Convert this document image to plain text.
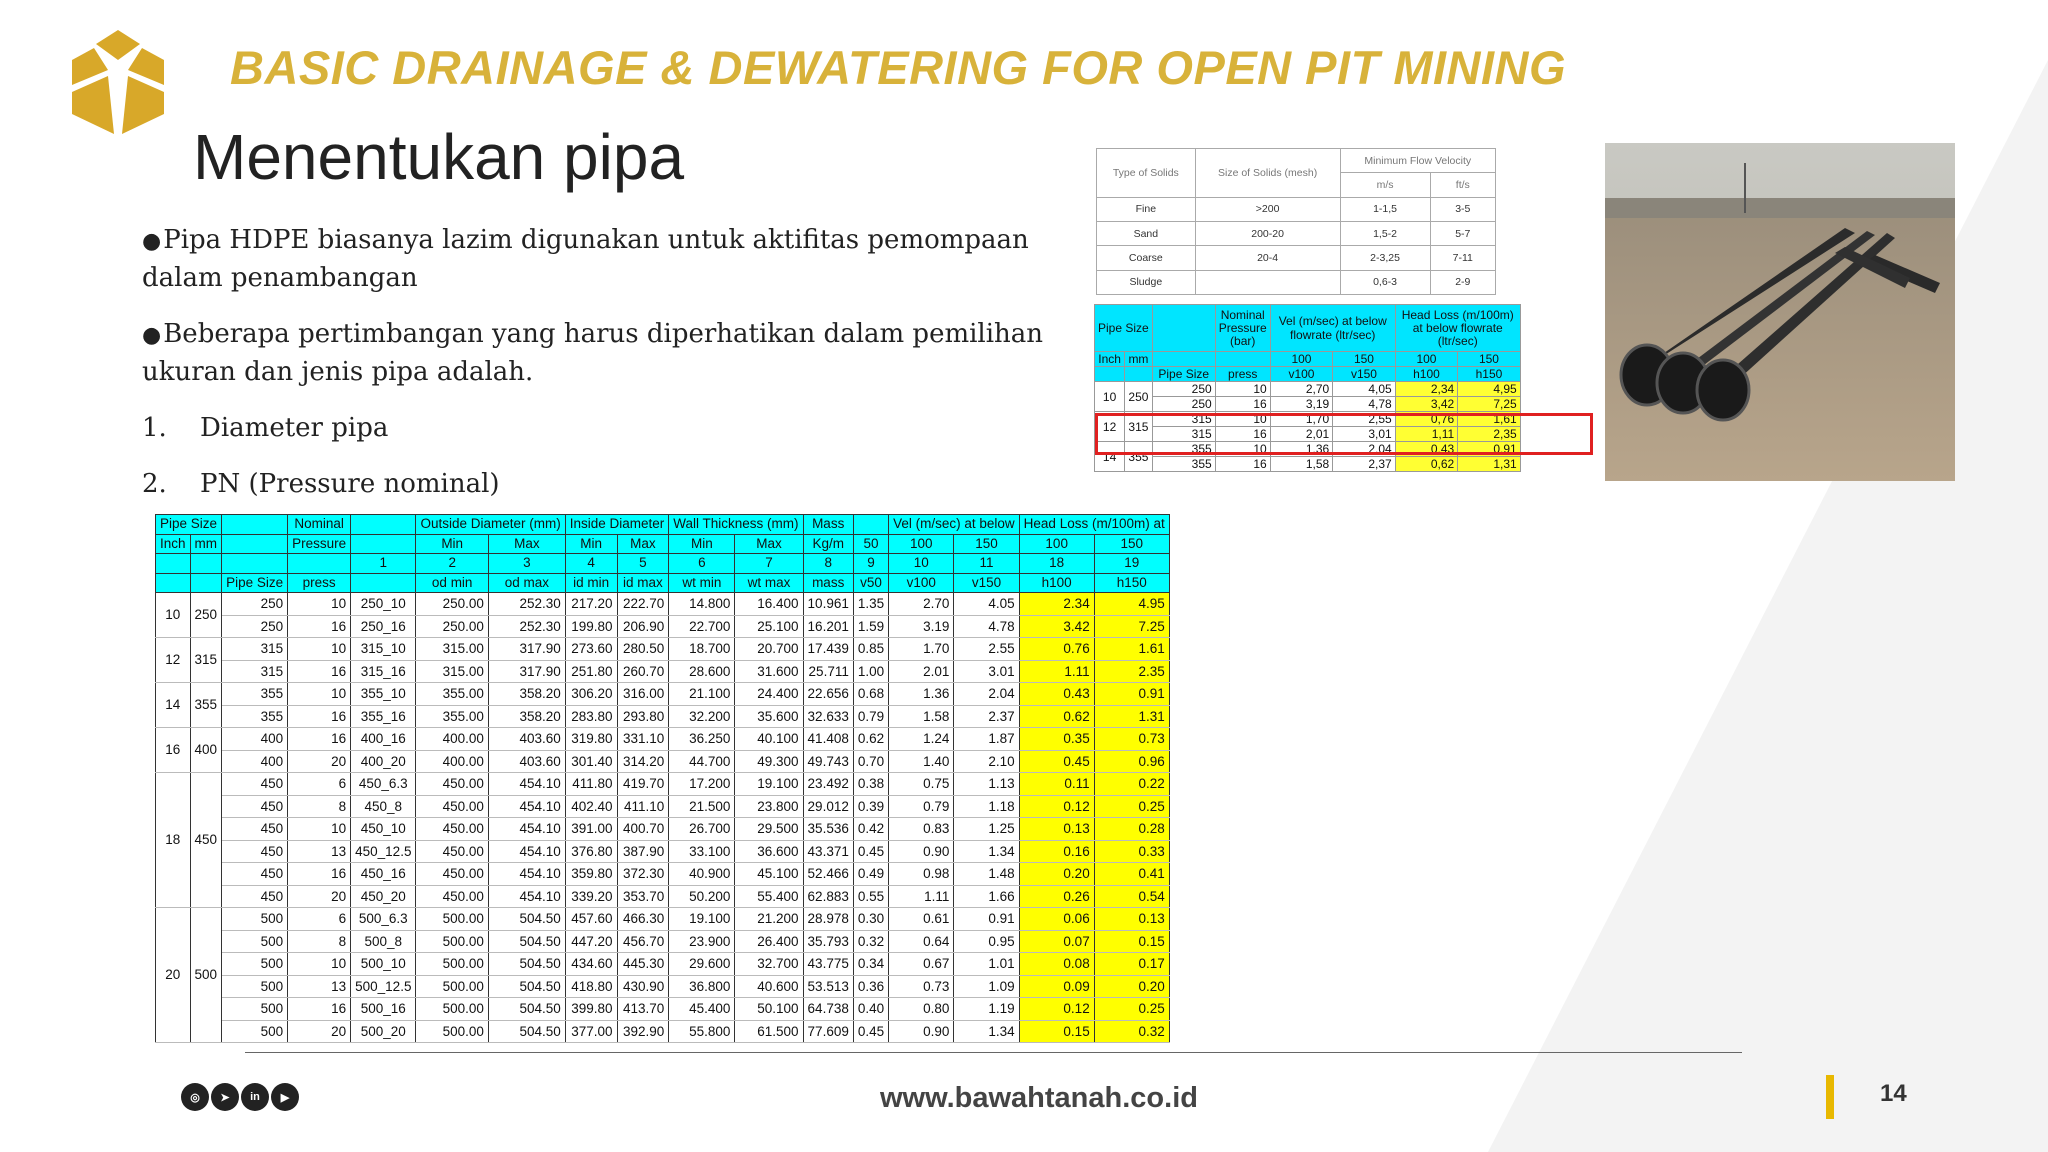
BASIC DRAINAGE & DEWATERING FOR OPEN PIT MINING
Menentukan pipa
●Pipa HDPE biasanya lazim digunakan untuk aktifitas pemompaan dalam penambangan
●Beberapa pertimbangan yang harus diperhatikan dalam pemilihan ukuran dan jenis pipa adalah.
1.	Diameter pipa
2.	PN (Pressure nominal)
Type of Solids	Size of Solids (mesh)	Minimum Flow Velocity	
		m/s	ft/s
Fine	>200	1-1,5	3-5
Sand	200-20	1,5-2	5-7
Coarse	20-4	2-3,25	7-11
Sludge		0,6-3	2-9
Pipe Size			Nominal Pressure (bar)	Vel (m/sec) at below flowrate (ltr/sec)		Head Loss (m/100m) at below flowrate (ltr/sec)	

Inch	mm			100	150	100	150
		Pipe Size	press	v100	v150	h100	h150
10	250	250	10	2,70	4,05	2,34	4,95
		250	16	3,19	4,78	3,42	7,25
12	315	315	10	1,70	2,55	0,76	1,61
		315	16	2,01	3,01	1,11	2,35
14	355	355	10	1,36	2,04	0,43	0,91
		355	16	1,58	2,37	0,62	1,31
Pipe Size			Nominal		Outside Diameter (mm)		Inside Diameter		Wall Thickness (mm)		Mass		Vel (m/sec) at below		Head Loss (m/100m) at	
Inch	mm		Pressure		Min	Max	Min	Max	Min	Max	Kg/m	50	100	150	100	150
				1	2	3	4	5	6	7	8	9	10	11	18	19
		Pipe Size	press		od min	od max	id min	id max	wt min	wt max	mass	v50	v100	v150	h100	h150
10	250	250	10	250_10	250.00	252.30	217.20	222.70	14.800	16.400	10.961	1.35	2.70	4.05	2.34	4.95
		250	16	250_16	250.00	252.30	199.80	206.90	22.700	25.100	16.201	1.59	3.19	4.78	3.42	7.25
12	315	315	10	315_10	315.00	317.90	273.60	280.50	18.700	20.700	17.439	0.85	1.70	2.55	0.76	1.61
		315	16	315_16	315.00	317.90	251.80	260.70	28.600	31.600	25.711	1.00	2.01	3.01	1.11	2.35
14	355	355	10	355_10	355.00	358.20	306.20	316.00	21.100	24.400	22.656	0.68	1.36	2.04	0.43	0.91
		355	16	355_16	355.00	358.20	283.80	293.80	32.200	35.600	32.633	0.79	1.58	2.37	0.62	1.31
16	400	400	16	400_16	400.00	403.60	319.80	331.10	36.250	40.100	41.408	0.62	1.24	1.87	0.35	0.73
		400	20	400_20	400.00	403.60	301.40	314.20	44.700	49.300	49.743	0.70	1.40	2.10	0.45	0.96
18	450	450	6	450_6.3	450.00	454.10	411.80	419.70	17.200	19.100	23.492	0.38	0.75	1.13	0.11	0.22
		450	8	450_8	450.00	454.10	402.40	411.10	21.500	23.800	29.012	0.39	0.79	1.18	0.12	0.25
		450	10	450_10	450.00	454.10	391.00	400.70	26.700	29.500	35.536	0.42	0.83	1.25	0.13	0.28
		450	13	450_12.5	450.00	454.10	376.80	387.90	33.100	36.600	43.371	0.45	0.90	1.34	0.16	0.33
		450	16	450_16	450.00	454.10	359.80	372.30	40.900	45.100	52.466	0.49	0.98	1.48	0.20	0.41
		450	20	450_20	450.00	454.10	339.20	353.70	50.200	55.400	62.883	0.55	1.11	1.66	0.26	0.54
20	500	500	6	500_6.3	500.00	504.50	457.60	466.30	19.100	21.200	28.978	0.30	0.61	0.91	0.06	0.13
		500	8	500_8	500.00	504.50	447.20	456.70	23.900	26.400	35.793	0.32	0.64	0.95	0.07	0.15
		500	10	500_10	500.00	504.50	434.60	445.30	29.600	32.700	43.775	0.34	0.67	1.01	0.08	0.17
		500	13	500_12.5	500.00	504.50	418.80	430.90	36.800	40.600	53.513	0.36	0.73	1.09	0.09	0.20
		500	16	500_16	500.00	504.50	399.80	413.70	45.400	50.100	64.738	0.40	0.80	1.19	0.12	0.25
		500	20	500_20	500.00	504.50	377.00	392.90	55.800	61.500	77.609	0.45	0.90	1.34	0.15	0.32
◎	➤	in	▶	www.bawahtanah.co.id	14
